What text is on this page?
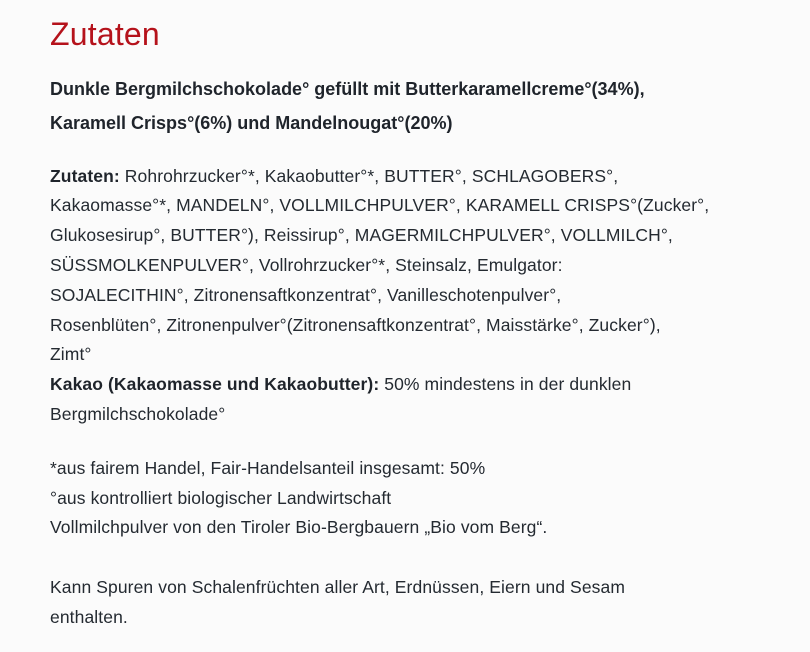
Zutaten

Dunkle Bergmilchschokolade° gefüllt mit Butterkaramellcreme°(34%),
Karamell Crisps°(6%) und Mandelnougat°(20%)

Zutaten: Rohrohrzucker°*, Kakaobutter°*, BUTTER°, SCHLAGOBERS°,
Kakaomasse°*, MANDELN°, VOLLMILCHPULVER°, KARAMELL CRISPS°(Zucker°,
Glukosesirup°, BUTTER°), Reissirup°, MAGERMILCHPULVER°, VOLLMILCH°,
SÜSSMOLKENPULVER°, Vollrohrzucker°*, Steinsalz, Emulgator:
SOJALECITHIN°, Zitronensaftkonzentrat°, Vanilleschotenpulver°,
Rosenblüten°, Zitronenpulver°(Zitronensaftkonzentrat°, Maisstärke°, Zucker°),
Zimt°
Kakao (Kakaomasse und Kakaobutter): 50% mindestens in der dunklen
Bergmilchschokolade°

*aus fairem Handel, Fair-Handelsanteil insgesamt: 50%
°aus kontrolliert biologischer Landwirtschaft
Vollmilchpulver von den Tiroler Bio-Bergbauern „Bio vom Berg“.

Kann Spuren von Schalenfrüchten aller Art, Erdnüssen, Eiern und Sesam
enthalten.
